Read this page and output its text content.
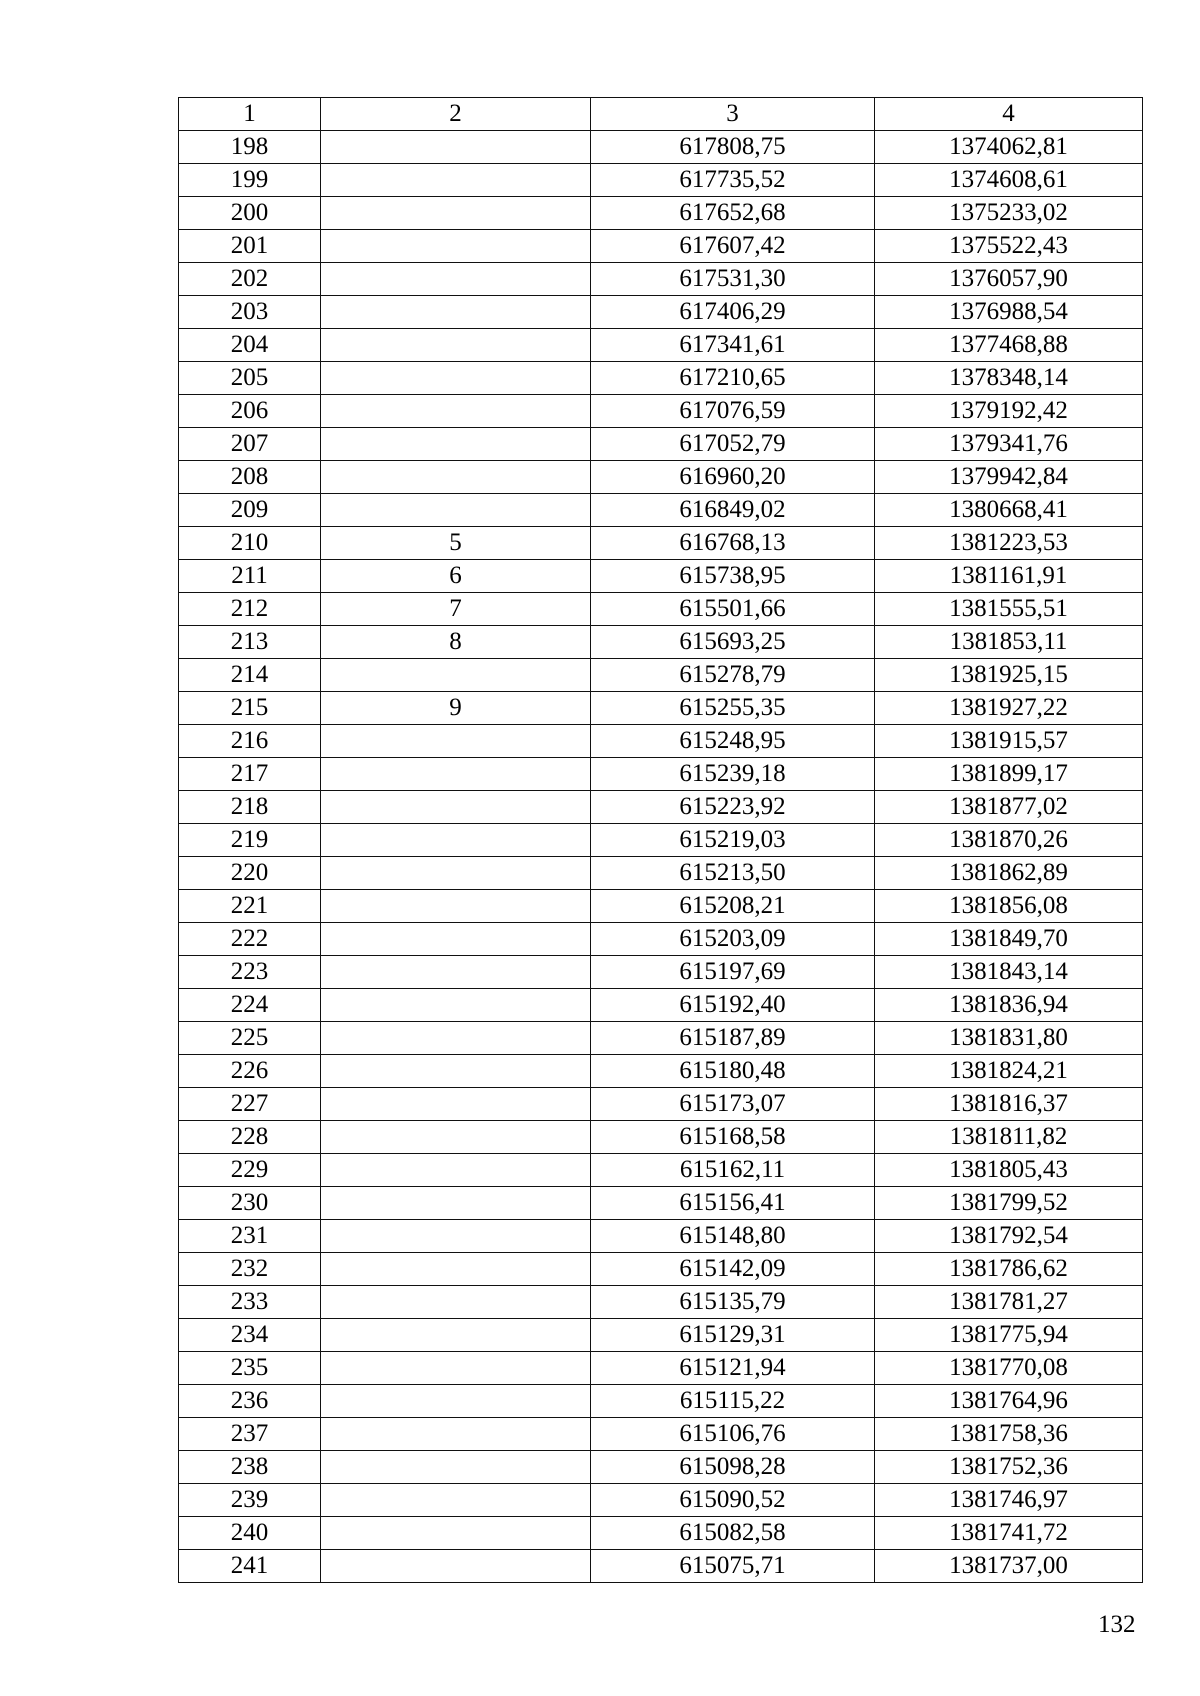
1	2	3	4
198		617808,75	1374062,81
199		617735,52	1374608,61
200		617652,68	1375233,02
201		617607,42	1375522,43
202		617531,30	1376057,90
203		617406,29	1376988,54
204		617341,61	1377468,88
205		617210,65	1378348,14
206		617076,59	1379192,42
207		617052,79	1379341,76
208		616960,20	1379942,84
209		616849,02	1380668,41
210	5	616768,13	1381223,53
211	6	615738,95	1381161,91
212	7	615501,66	1381555,51
213	8	615693,25	1381853,11
214		615278,79	1381925,15
215	9	615255,35	1381927,22
216		615248,95	1381915,57
217		615239,18	1381899,17
218		615223,92	1381877,02
219		615219,03	1381870,26
220		615213,50	1381862,89
221		615208,21	1381856,08
222		615203,09	1381849,70
223		615197,69	1381843,14
224		615192,40	1381836,94
225		615187,89	1381831,80
226		615180,48	1381824,21
227		615173,07	1381816,37
228		615168,58	1381811,82
229		615162,11	1381805,43
230		615156,41	1381799,52
231		615148,80	1381792,54
232		615142,09	1381786,62
233		615135,79	1381781,27
234		615129,31	1381775,94
235		615121,94	1381770,08
236		615115,22	1381764,96
237		615106,76	1381758,36
238		615098,28	1381752,36
239		615090,52	1381746,97
240		615082,58	1381741,72
241		615075,71	1381737,00
132
